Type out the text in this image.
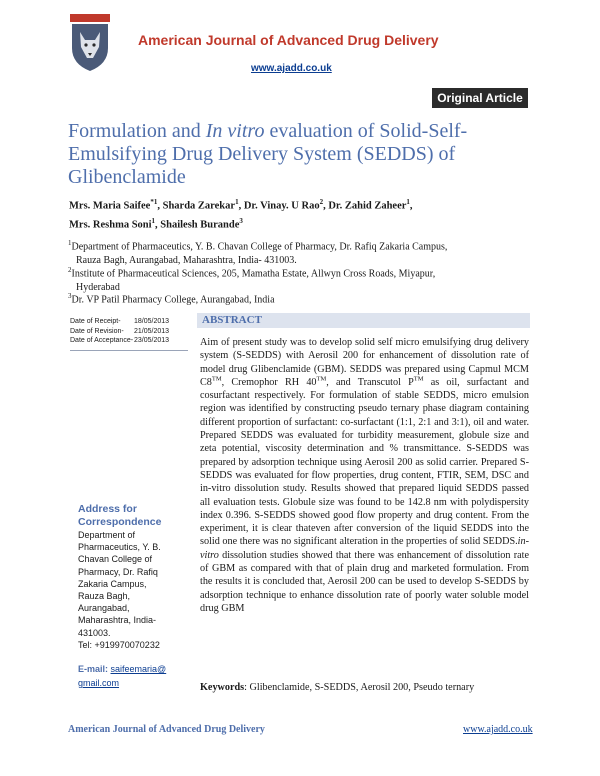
American Journal of Advanced Drug Delivery
www.ajadd.co.uk
Original Article
Formulation and In vitro evaluation of Solid-Self- Emulsifying Drug Delivery System (SEDDS) of Glibenclamide
Mrs. Maria Saifee$^{*1}$, Sharda Zarekar$^1$, Dr. Vinay. U Rao$^2$, Dr. Zahid Zaheer$^1$,
Mrs. Reshma Soni$^1$, Shailesh Burande$^3$
$^1$Department of Pharmaceutics, Y. B. Chavan College of Pharmacy, Dr. Rafiq Zakaria Campus,
Rauza Bagh, Aurangabad, Maharashtra, India- 431003.
$^2$Institute of Pharmaceutical Sciences, 205, Mamatha Estate, Allwyn Cross Roads, Miyapur,
Hyderabad
$^3$Dr. VP Patil Pharmacy College, Aurangabad, India
Date of Receipt-	18/05/2013
Date of Revision-	21/05/2013
Date of Acceptance- 23/05/2013
Address for
Correspondence
Department of
Pharmaceutics, Y. B.
Chavan College of
Pharmacy, Dr. Rafiq
Zakaria Campus,
Rauza Bagh,
Aurangabad,
Maharashtra, India-
431003.
Tel: +919970070232
E-mail: saifeemaria@
gmail.com
ABSTRACT
Aim of present study was to develop solid self micro emulsifying drug delivery system (S-SEDDS) with Aerosil 200 for enhancement of dissolution rate of model drug Glibenclamide (GBM). SEDDS was prepared using Capmul MCM C8™, Cremophor RH 40™, and Transcutol P™ as oil, surfactant and cosurfactant respectively. For formulation of stable SEDDS, micro emulsion region was identified by constructing pseudo ternary phase diagram containing different proportion of surfactant: co-surfactant (1:1, 2:1 and 3:1), oil and water. Prepared SEDDS was evaluated for turbidity measurement, globule size and zeta potential, viscosity determination and % transmittance. S-SEDDS was prepared by adsorption technique using Aerosil 200 as solid carrier. Prepared S-SEDDS was evaluated for flow properties, drug content, FTIR, SEM, DSC and in-vitro dissolution study. Results showed that prepared liquid SEDDS passed all evaluation tests. Globule size was found to be 142.8 nm with polydispersity index 0.396. S-SEDDS showed good flow property and drug content. From the experiment, it is clear thateven after conversion of the liquid SEDDS into the solid one there was no significant alteration in the properties of solid SEDDS.in-vitro dissolution studies showed that there was enhancement of dissolution rate of GBM as compared with that of plain drug and marketed formulation. From the results it is concluded that, Aerosil 200 can be used to develop S-SEDDS by adsorption technique to enhance dissolution rate of poorly water soluble model drug GBM
Keywords: Glibenclamide, S-SEDDS, Aerosil 200, Pseudo ternary
American Journal of Advanced Drug Delivery	www.ajadd.co.uk
